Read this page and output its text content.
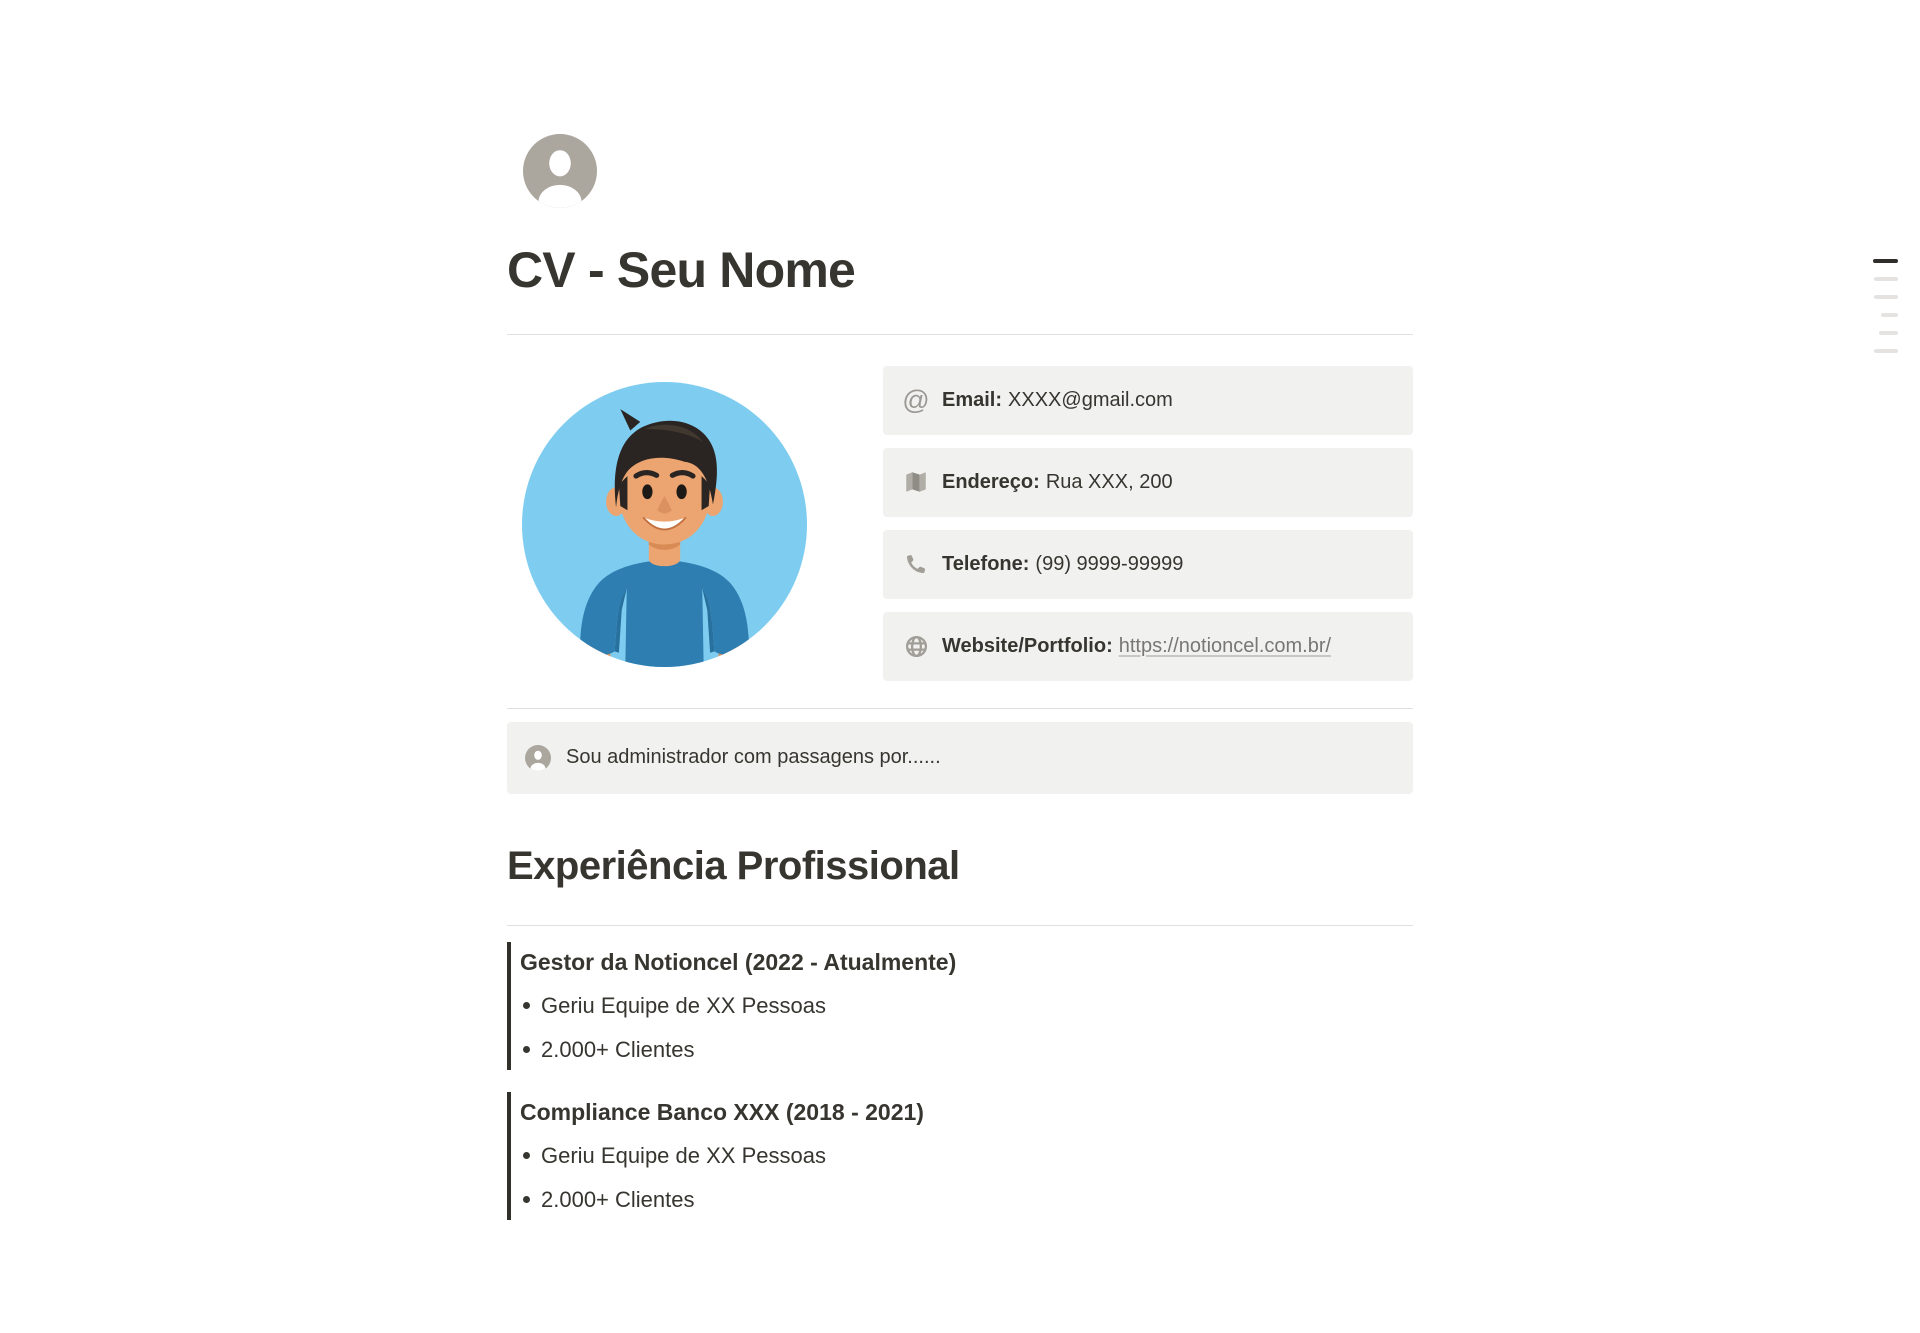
CV - Seu Nome
@ Email: XXXX@gmail.com
Endereço: Rua XXX, 200
Telefone: (99) 9999-99999
Website/Portfolio: https://notioncel.com.br/
Sou administrador com passagens por......
Experiência Profissional
Gestor da Notioncel (2022 - Atualmente)
Geriu Equipe de XX Pessoas
2.000+ Clientes
Compliance Banco XXX (2018 - 2021)
Geriu Equipe de XX Pessoas
2.000+ Clientes
